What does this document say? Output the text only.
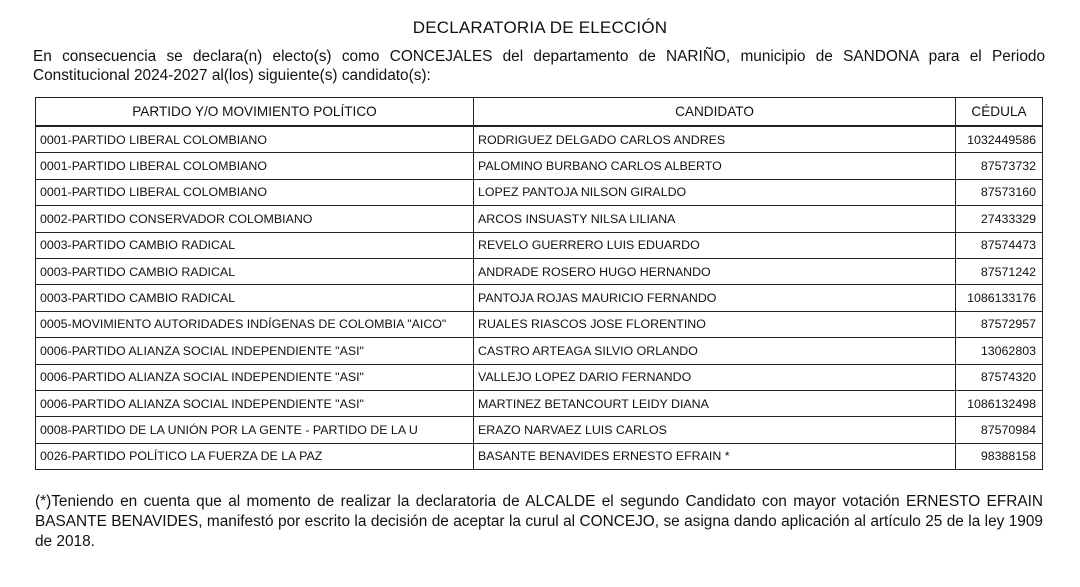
DECLARATORIA DE ELECCIÓN
En consecuencia se declara(n) electo(s) como CONCEJALES del departamento de NARIÑO, municipio de SANDONA para el Periodo Constitucional 2024-2027 al(los) siguiente(s) candidato(s):
PARTIDO Y/O MOVIMIENTO POLÍTICO	CANDIDATO	CÉDULA
0001-PARTIDO LIBERAL COLOMBIANO	RODRIGUEZ DELGADO CARLOS ANDRES	1032449586
0001-PARTIDO LIBERAL COLOMBIANO	PALOMINO BURBANO CARLOS ALBERTO	87573732
0001-PARTIDO LIBERAL COLOMBIANO	LOPEZ PANTOJA NILSON GIRALDO	87573160
0002-PARTIDO CONSERVADOR COLOMBIANO	ARCOS INSUASTY NILSA LILIANA	27433329
0003-PARTIDO CAMBIO RADICAL	REVELO GUERRERO LUIS EDUARDO	87574473
0003-PARTIDO CAMBIO RADICAL	ANDRADE ROSERO HUGO HERNANDO	87571242
0003-PARTIDO CAMBIO RADICAL	PANTOJA ROJAS MAURICIO FERNANDO	1086133176
0005-MOVIMIENTO AUTORIDADES INDÍGENAS DE COLOMBIA "AICO"	RUALES RIASCOS JOSE FLORENTINO	87572957
0006-PARTIDO ALIANZA SOCIAL INDEPENDIENTE "ASI"	CASTRO ARTEAGA SILVIO ORLANDO	13062803
0006-PARTIDO ALIANZA SOCIAL INDEPENDIENTE "ASI"	VALLEJO LOPEZ DARIO FERNANDO	87574320
0006-PARTIDO ALIANZA SOCIAL INDEPENDIENTE "ASI"	MARTINEZ BETANCOURT LEIDY DIANA	1086132498
0008-PARTIDO DE LA UNIÓN POR LA GENTE - PARTIDO DE LA U	ERAZO NARVAEZ LUIS CARLOS	87570984
0026-PARTIDO POLÍTICO LA FUERZA DE LA PAZ	BASANTE BENAVIDES ERNESTO EFRAIN *	98388158
(*)Teniendo en cuenta que al momento de realizar la declaratoria de ALCALDE el segundo Candidato con mayor votación ERNESTO EFRAIN BASANTE BENAVIDES, manifestó por escrito la decisión de aceptar la curul al CONCEJO, se asigna dando aplicación al artículo 25 de la ley 1909 de 2018.
